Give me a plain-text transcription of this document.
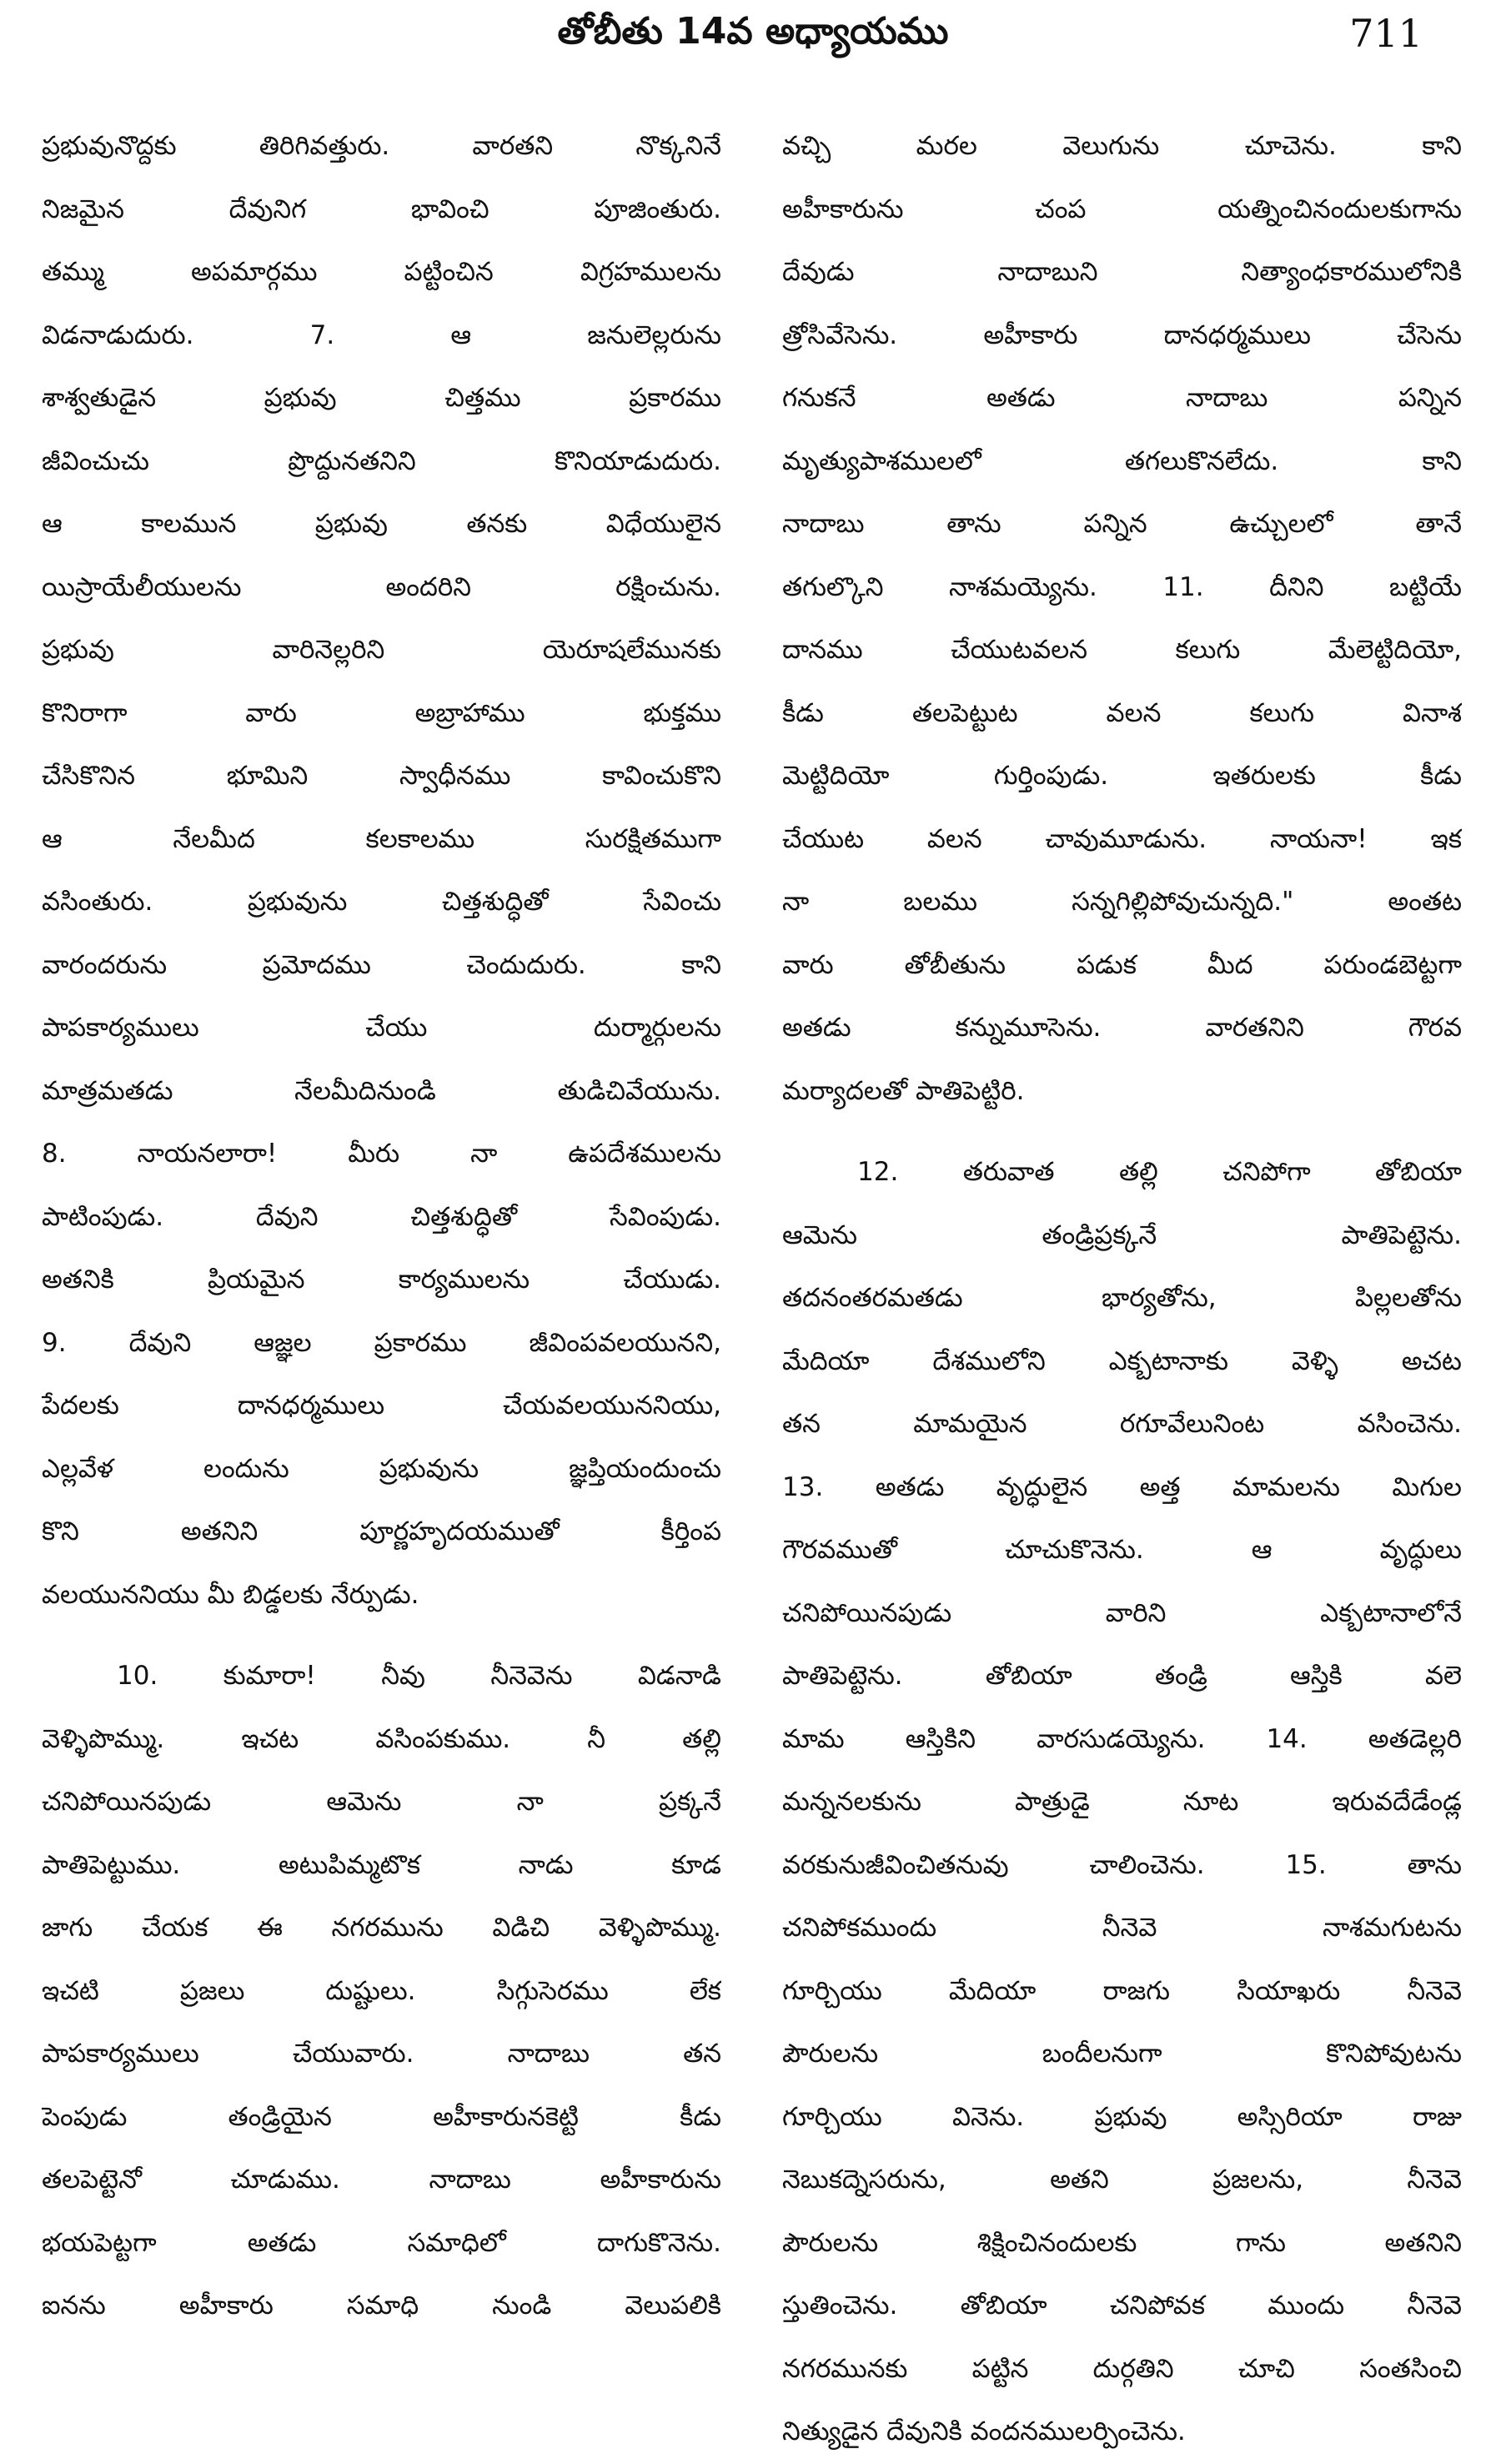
తోబీతు 14వ అధ్యాయము	711
ప్రభువునొద్దకు తిరిగివత్తురు. వారతని నొక్కనినే
నిజమైన దేవునిగ భావించి పూజింతురు.
తమ్ము అపమార్గము పట్టించిన విగ్రహములను
విడనాడుదురు. 7. ఆ జనులెల్లరును
శాశ్వతుడైన ప్రభువు చిత్తము ప్రకారము
జీవించుచు ప్రొద్దునతనిని కొనియాడుదురు.
ఆ కాలమున ప్రభువు తనకు విధేయులైన
యిస్రాయేలీయులను అందరిని రక్షించును.
ప్రభువు వారినెల్లరిని యెరూషలేమునకు
కొనిరాగా వారు అబ్రాహాము భుక్తము
చేసికొనిన భూమిని స్వాధీనము కావించుకొని
ఆ నేలమీద కలకాలము సురక్షితముగా
వసింతురు. ప్రభువును చిత్తశుద్ధితో సేవించు
వారందరును ప్రమోదము చెందుదురు. కాని
పాపకార్యములు చేయు దుర్మార్గులను
మాత్రమతడు నేలమీదినుండి తుడిచివేయును.
8. నాయనలారా! మీరు నా ఉపదేశములను
పాటింపుడు. దేవుని చిత్తశుద్ధితో సేవింపుడు.
అతనికి ప్రియమైన కార్యములను చేయుడు.
9. దేవుని ఆజ్ఞల ప్రకారము జీవింపవలయునని,
పేదలకు దానధర్మములు చేయవలయుననియు,
ఎల్లవేళ లందును ప్రభువును జ్ఞప్తియందుంచు
కొని అతనిని పూర్ణహృదయముతో కీర్తింప
వలయుననియు మీ బిడ్డలకు నేర్పుడు.
10. కుమారా! నీవు నీనెవెను విడనాడి
వెళ్ళిపొమ్ము. ఇచట వసింపకుము. నీ తల్లి
చనిపోయినపుడు ఆమెను నా ప్రక్కనే
పాతిపెట్టుము. అటుపిమ్మటొక నాడు కూడ
జాగు చేయక ఈ నగరమును విడిచి వెళ్ళిపొమ్ము.
ఇచటి ప్రజలు దుష్టులు. సిగ్గుసెరము లేక
పాపకార్యములు చేయువారు. నాదాబు తన
పెంపుడు తండ్రియైన అహీకారునకెట్టి కీడు
తలపెట్టెనో చూడుము. నాదాబు అహీకారును
భయపెట్టగా అతడు సమాధిలో దాగుకొనెను.
ఐనను అహీకారు సమాధి నుండి వెలుపలికి
వచ్చి మరల వెలుగును చూచెను. కాని
అహీకారును చంప యత్నించినందులకుగాను
దేవుడు నాదాబుని నిత్యాంధకారములోనికి
త్రోసివేసెను. అహీకారు దానధర్మములు చేసెను
గనుకనే అతడు నాదాబు పన్నిన
మృత్యుపాశములలో తగలుకొనలేదు. కాని
నాదాబు తాను పన్నిన ఉచ్చులలో తానే
తగుల్కొని నాశమయ్యెను. 11. దీనిని బట్టియే
దానము చేయుటవలన కలుగు మేలెట్టిదియో,
కీడు తలపెట్టుట వలన కలుగు వినాశ
మెట్టిదియో గుర్తింపుడు. ఇతరులకు కీడు
చేయుట వలన చావుమూడును. నాయనా! ఇక
నా బలము సన్నగిల్లిపోవుచున్నది." అంతట
వారు తోబీతును పడుక మీద పరుండబెట్టగా
అతడు కన్నుమూసెను. వారతనిని గౌరవ
మర్యాదలతో పాతిపెట్టిరి.
12. తరువాత తల్లి చనిపోగా తోబియా
ఆమెను తండ్రిప్రక్కనే పాతిపెట్టెను.
తదనంతరమతడు భార్యతోను, పిల్లలతోను
మేదియా దేశములోని ఎక్బటానాకు వెళ్ళి అచట
తన మామయైన రగూవేలునింట వసించెను.
13. అతడు వృద్ధులైన అత్త మామలను మిగుల
గౌరవముతో చూచుకొనెను. ఆ వృద్ధులు
చనిపోయినపుడు వారిని ఎక్బటానాలోనే
పాతిపెట్టెను. తోబియా తండ్రి ఆస్తికి వలె
మామ ఆస్తికిని వారసుడయ్యెను. 14. అతడెల్లరి
మన్ననలకును పాత్రుడై నూట ఇరువదేడేండ్ల
వరకునుజీవించితనువు చాలించెను. 15. తాను
చనిపోకముందు నీనెవె నాశమగుటను
గూర్చియు మేదియా రాజగు సియాఖరు నీనెవె
పౌరులను బందీలనుగా కొనిపోవుటను
గూర్చియు వినెను. ప్రభువు అస్సిరియా రాజు
నెబుకద్నెసరును, అతని ప్రజలను, నీనెవె
పౌరులను శిక్షించినందులకు గాను అతనిని
స్తుతించెను. తోబియా చనిపోవక ముందు నీనెవె
నగరమునకు పట్టిన దుర్గతిని చూచి సంతసించి
నిత్యుడైన దేవునికి వందనములర్పించెను.
